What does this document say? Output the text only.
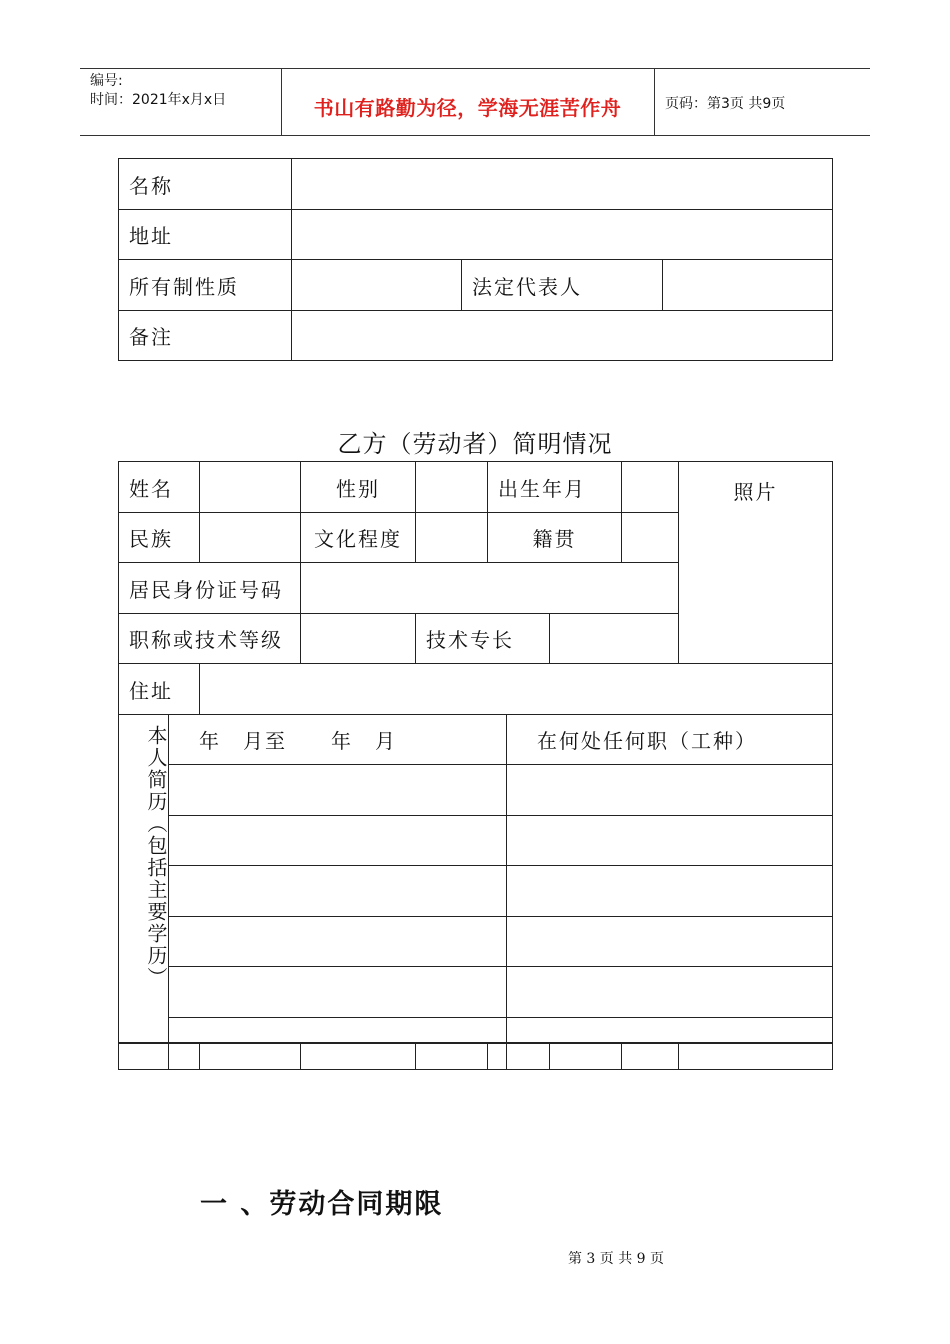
编号:
时间：2021年x月x日	书山有路勤为径，学海无涯苦作舟	页码：第3页 共9页
名称			
地址			
所有制性质		法定代表人	
备注			
乙方（劳动者）简明情况
姓名			性别		出生年月				照片
民族			文化程度		籍贯				
居民身份证号码									
职称或技术等级				技术专长					
住址									
本人简历（包括主要学历）	年　月至　　年　月					在何处任何职（工种）			

一 、劳动合同期限
第 3 页 共 9 页
